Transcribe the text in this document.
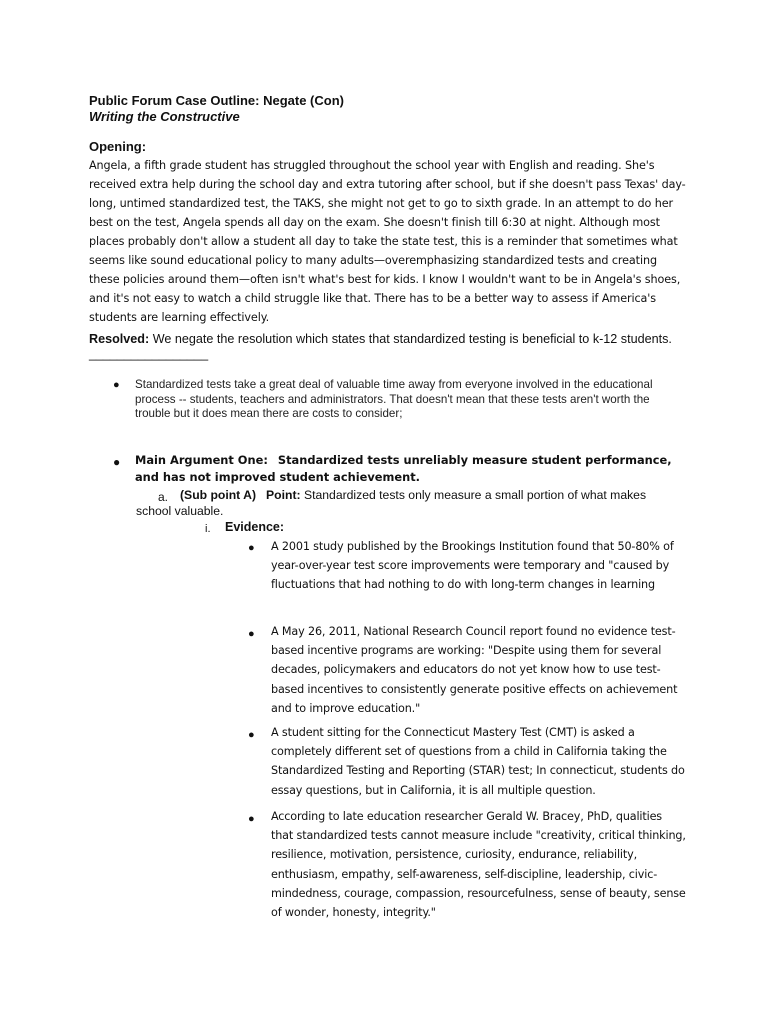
Public Forum Case Outline: Negate (Con)
Writing the Constructive
Opening:
Angela, a fifth grade student has struggled throughout the school year with English and reading. She's received extra help during the school day and extra tutoring after school, but if she doesn't pass Texas' day-long, untimed standardized test, the TAKS, she might not get to go to sixth grade. In an attempt to do her best on the test, Angela spends all day on the exam. She doesn't finish till 6:30 at night. Although most places probably don't allow a student all day to take the state test, this is a reminder that sometimes what seems like sound educational policy to many adults—overemphasizing standardized tests and creating these policies around them—often isn't what's best for kids. I know I wouldn't want to be in Angela's shoes, and it's not easy to watch a child struggle like that. There has to be a better way to assess if America's students are learning effectively.
Resolved: We negate the resolution which states that standardized testing is beneficial to k-12 students.
_________________
● Standardized tests take a great deal of valuable time away from everyone involved in the educational process -- students, teachers and administrators. That doesn't mean that these tests aren't worth the trouble but it does mean there are costs to consider;
● Main Argument One: Standardized tests unreliably measure student performance, and has not improved student achievement.
a. (Sub point A) Point: Standardized tests only measure a small portion of what makes
school valuable.
i. Evidence:
● A 2001 study published by the Brookings Institution found that 50-80% of year-over-year test score improvements were temporary and "caused by fluctuations that had nothing to do with long-term changes in learning
● A May 26, 2011, National Research Council report found no evidence test-based incentive programs are working: "Despite using them for several decades, policymakers and educators do not yet know how to use test-based incentives to consistently generate positive effects on achievement and to improve education."
● A student sitting for the Connecticut Mastery Test (CMT) is asked a completely different set of questions from a child in California taking the Standardized Testing and Reporting (STAR) test; In connecticut, students do essay questions, but in California, it is all multiple question.
● According to late education researcher Gerald W. Bracey, PhD, qualities that standardized tests cannot measure include "creativity, critical thinking, resilience, motivation, persistence, curiosity, endurance, reliability, enthusiasm, empathy, self-awareness, self-discipline, leadership, civic-mindedness, courage, compassion, resourcefulness, sense of beauty, sense of wonder, honesty, integrity."
